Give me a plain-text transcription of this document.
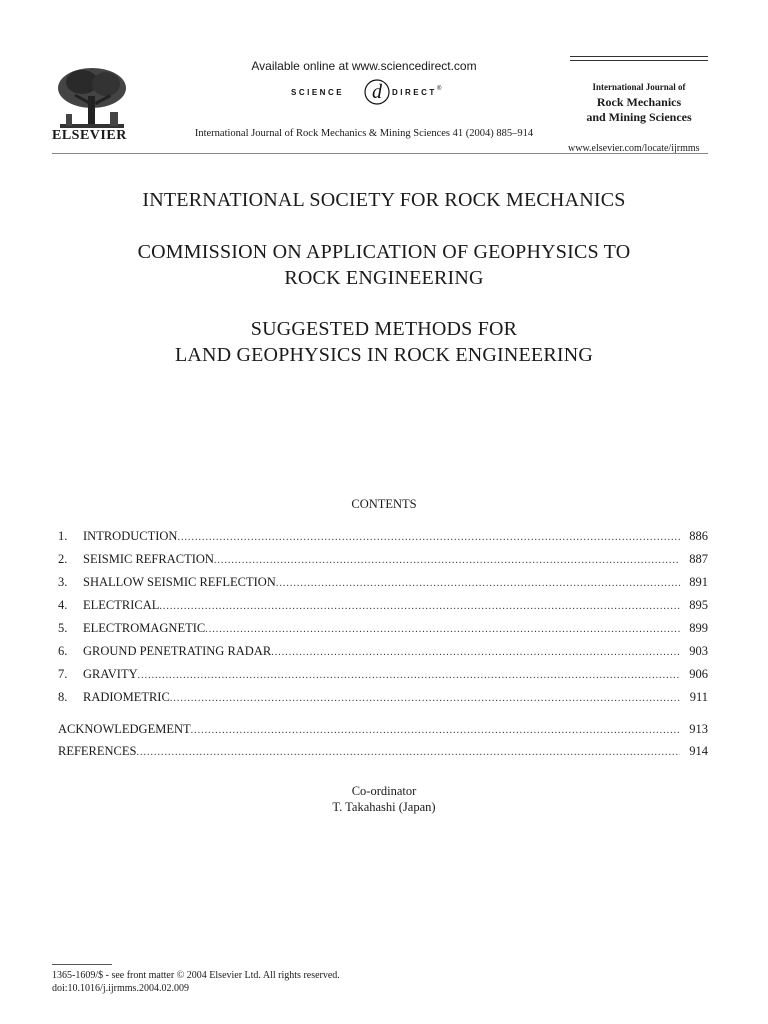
ELSEVIER
Available online at www.sciencedirect.com
SCIENCE d DIRECT ®
International Journal of Rock Mechanics & Mining Sciences 41 (2004) 885–914
International Journal of
Rock Mechanics
and Mining Sciences
www.elsevier.com/locate/ijrmms
INTERNATIONAL SOCIETY FOR ROCK MECHANICS
COMMISSION ON APPLICATION OF GEOPHYSICS TO
ROCK ENGINEERING
SUGGESTED METHODS FOR
LAND GEOPHYSICS IN ROCK ENGINEERING
CONTENTS
1.	INTRODUCTION .....	886
2.	SEISMIC REFRACTION .....	887
3.	SHALLOW SEISMIC REFLECTION .....	891
4.	ELECTRICAL .....	895
5.	ELECTROMAGNETIC .....	899
6.	GROUND PENETRATING RADAR .....	903
7.	GRAVITY .....	906
8.	RADIOMETRIC .....	911
ACKNOWLEDGEMENT .....	913
REFERENCES .....	914
Co-ordinator
T. Takahashi (Japan)
1365-1609/$ - see front matter © 2004 Elsevier Ltd. All rights reserved.
doi:10.1016/j.ijrmms.2004.02.009
